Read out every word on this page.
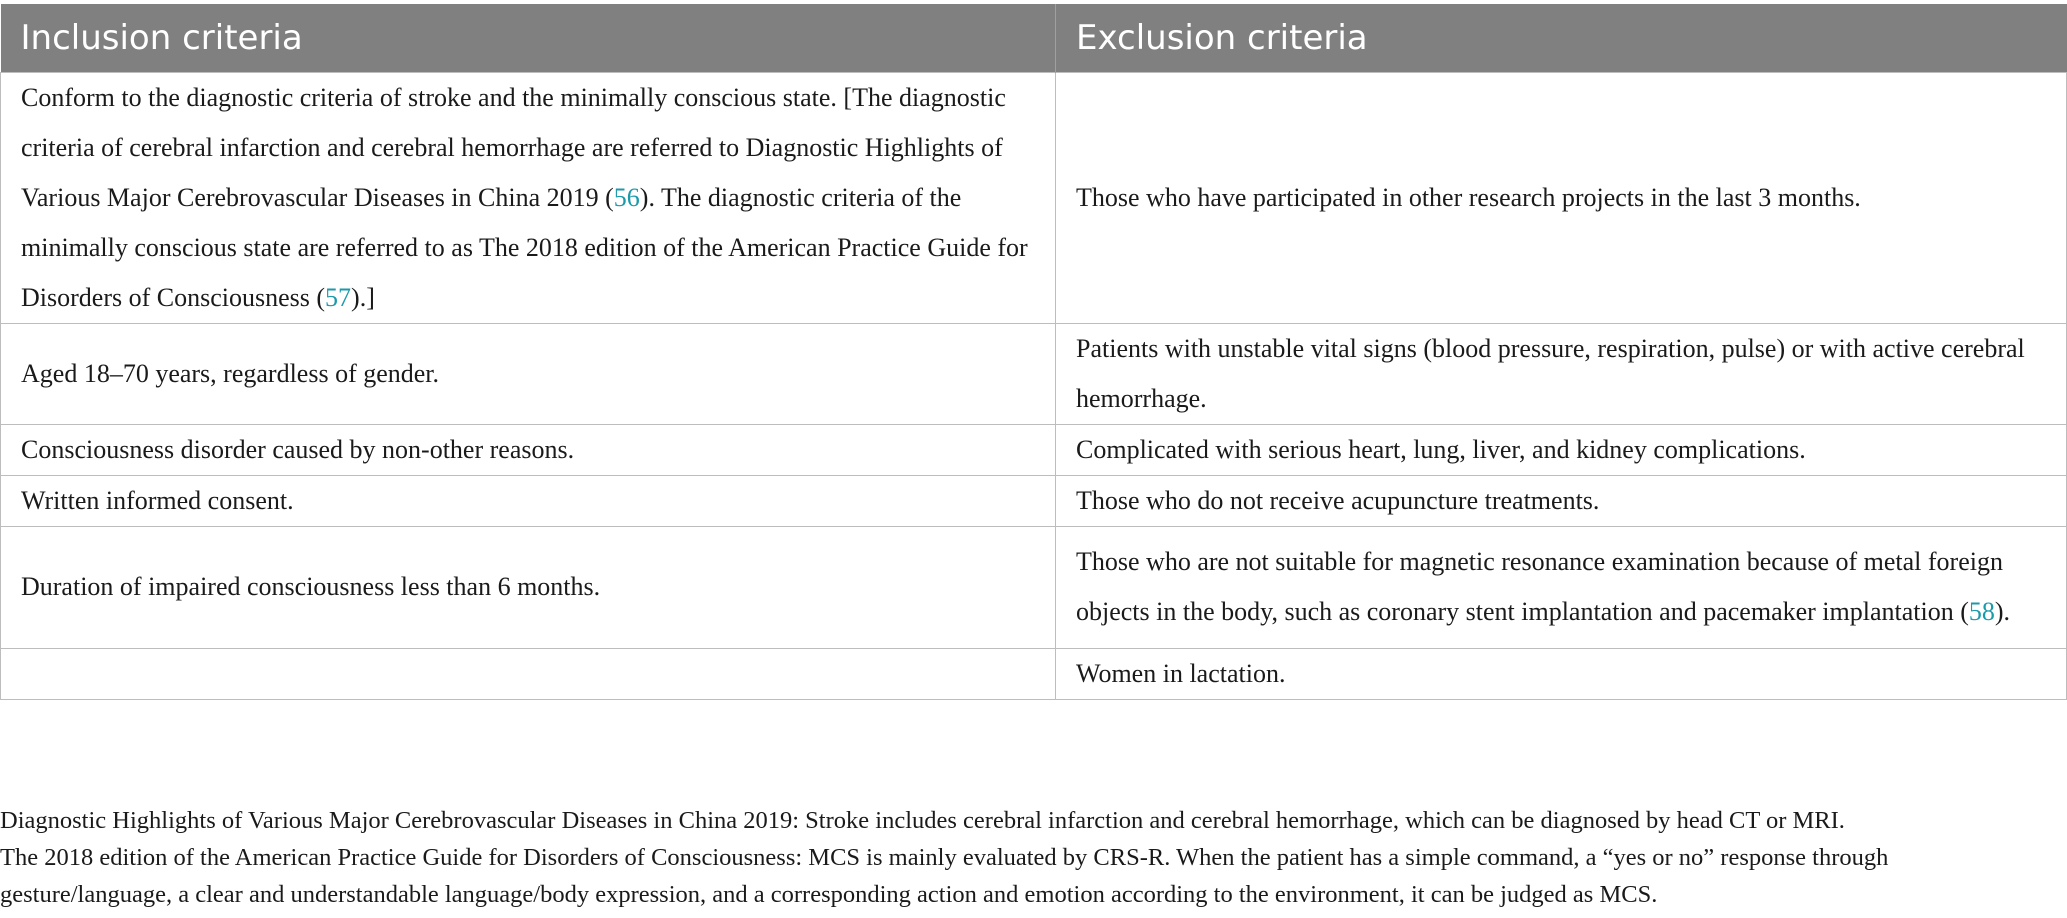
Inclusion criteria	Exclusion criteria
Conform to the diagnostic criteria of stroke and the minimally conscious state. [The diagnostic criteria of cerebral infarction and cerebral hemorrhage are referred to Diagnostic Highlights of Various Major Cerebrovascular Diseases in China 2019 (56). The diagnostic criteria of the minimally conscious state are referred to as The 2018 edition of the American Practice Guide for Disorders of Consciousness (57).]	Those who have participated in other research projects in the last 3 months.
Aged 18–70 years, regardless of gender.	Patients with unstable vital signs (blood pressure, respiration, pulse) or with active cerebral hemorrhage.
Consciousness disorder caused by non-other reasons.	Complicated with serious heart, lung, liver, and kidney complications.
Written informed consent.	Those who do not receive acupuncture treatments.
Duration of impaired consciousness less than 6 months.	Those who are not suitable for magnetic resonance examination because of metal foreign objects in the body, such as coronary stent implantation and pacemaker implantation (58).
	Women in lactation.
Diagnostic Highlights of Various Major Cerebrovascular Diseases in China 2019: Stroke includes cerebral infarction and cerebral hemorrhage, which can be diagnosed by head CT or MRI.
The 2018 edition of the American Practice Guide for Disorders of Consciousness: MCS is mainly evaluated by CRS-R. When the patient has a simple command, a “yes or no” response through
gesture/language, a clear and understandable language/body expression, and a corresponding action and emotion according to the environment, it can be judged as MCS.
